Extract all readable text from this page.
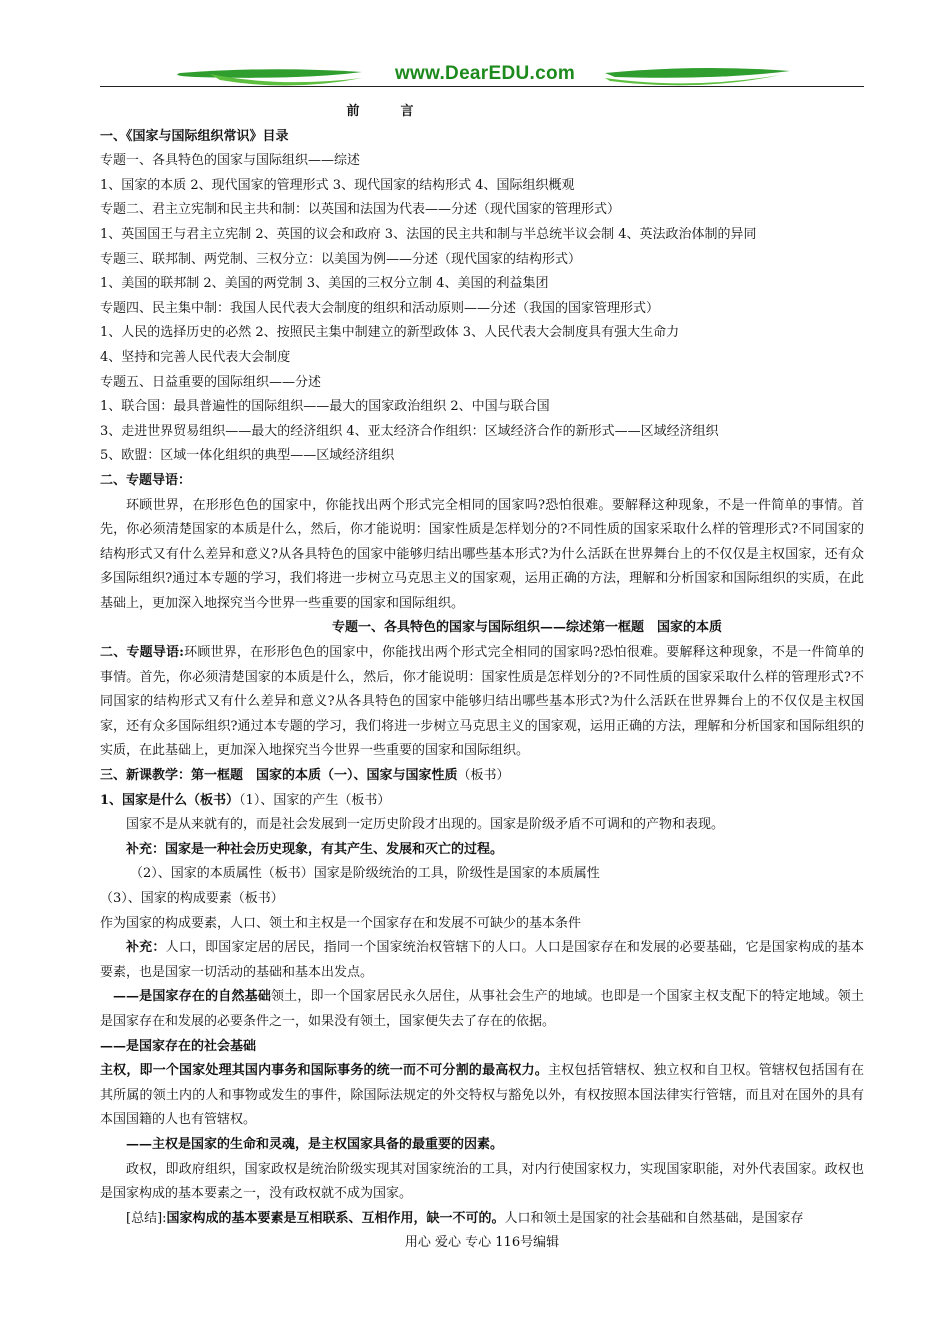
www.DearEDU.com
前　言
一、《国家与国际组织常识》目录
专题一、各具特色的国家与国际组织——综述
1、国家的本质 2、现代国家的管理形式 3、现代国家的结构形式 4、国际组织概观
专题二、君主立宪制和民主共和制：以英国和法国为代表——分述（现代国家的管理形式）
1、英国国王与君主立宪制 2、英国的议会和政府 3、法国的民主共和制与半总统半议会制 4、英法政治体制的异同
专题三、联邦制、两党制、三权分立：以美国为例——分述（现代国家的结构形式）
1、美国的联邦制 2、美国的两党制 3、美国的三权分立制 4、美国的利益集团
专题四、民主集中制：我国人民代表大会制度的组织和活动原则——分述（我国的国家管理形式）
1、人民的选择历史的必然 2、按照民主集中制建立的新型政体 3、人民代表大会制度具有强大生命力
4、坚持和完善人民代表大会制度
专题五、日益重要的国际组织——分述
1、联合国：最具普遍性的国际组织——最大的国家政治组织 2、中国与联合国
3、走进世界贸易组织——最大的经济组织 4、亚太经济合作组织：区域经济合作的新形式——区域经济组织
5、欧盟：区域一体化组织的典型——区域经济组织
二、专题导语：
环顾世界，在形形色色的国家中，你能找出两个形式完全相同的国家吗?恐怕很难。要解释这种现象，不是一件简单的事情。首先，你必须清楚国家的本质是什么，然后，你才能说明：国家性质是怎样划分的?不同性质的国家采取什么样的管理形式?不同国家的结构形式又有什么差异和意义?从各具特色的国家中能够归结出哪些基本形式?为什么活跃在世界舞台上的不仅仅是主权国家，还有众多国际组织?通过本专题的学习，我们将进一步树立马克思主义的国家观，运用正确的方法，理解和分析国家和国际组织的实质，在此基础上，更加深入地探究当今世界一些重要的国家和国际组织。
专题一、各具特色的国家与国际组织——综述第一框题　国家的本质
二、专题导语:环顾世界，在形形色色的国家中，你能找出两个形式完全相同的国家吗?恐怕很难。要解释这种现象，不是一件简单的事情。首先，你必须清楚国家的本质是什么，然后，你才能说明：国家性质是怎样划分的?不同性质的国家采取什么样的管理形式?不同国家的结构形式又有什么差异和意义?从各具特色的国家中能够归结出哪些基本形式?为什么活跃在世界舞台上的不仅仅是主权国家，还有众多国际组织?通过本专题的学习，我们将进一步树立马克思主义的国家观，运用正确的方法，理解和分析国家和国际组织的实质，在此基础上，更加深入地探究当今世界一些重要的国家和国际组织。
三、新课教学：第一框题　国家的本质（一）、国家与国家性质（板书）
1、国家是什么（板书）（1）、国家的产生（板书）
国家不是从来就有的，而是社会发展到一定历史阶段才出现的。国家是阶级矛盾不可调和的产物和表现。
补充：国家是一种社会历史现象，有其产生、发展和灭亡的过程。
（2）、国家的本质属性（板书）国家是阶级统治的工具，阶级性是国家的本质属性
（3）、国家的构成要素（板书）
作为国家的构成要素，人口、领土和主权是一个国家存在和发展不可缺少的基本条件
补充：人口，即国家定居的居民，指同一个国家统治权管辖下的人口。人口是国家存在和发展的必要基础，它是国家构成的基本要素，也是国家一切活动的基础和基本出发点。
——是国家存在的自然基础领土，即一个国家居民永久居住，从事社会生产的地域。也即是一个国家主权支配下的特定地域。领土是国家存在和发展的必要条件之一，如果没有领土，国家便失去了存在的依据。
——是国家存在的社会基础
主权，即一个国家处理其国内事务和国际事务的统一而不可分割的最高权力。主权包括管辖权、独立权和自卫权。管辖权包括国有在其所属的领土内的人和事物或发生的事件，除国际法规定的外交特权与豁免以外，有权按照本国法律实行管辖，而且对在国外的具有本国国籍的人也有管辖权。
——主权是国家的生命和灵魂，是主权国家具备的最重要的因素。
政权，即政府组织，国家政权是统治阶级实现其对国家统治的工具，对内行使国家权力，实现国家职能，对外代表国家。政权也是国家构成的基本要素之一，没有政权就不成为国家。
[总结]:国家构成的基本要素是互相联系、互相作用，缺一不可的。人口和领土是国家的社会基础和自然基础，是国家存
用心 爱心 专心 116号编辑
